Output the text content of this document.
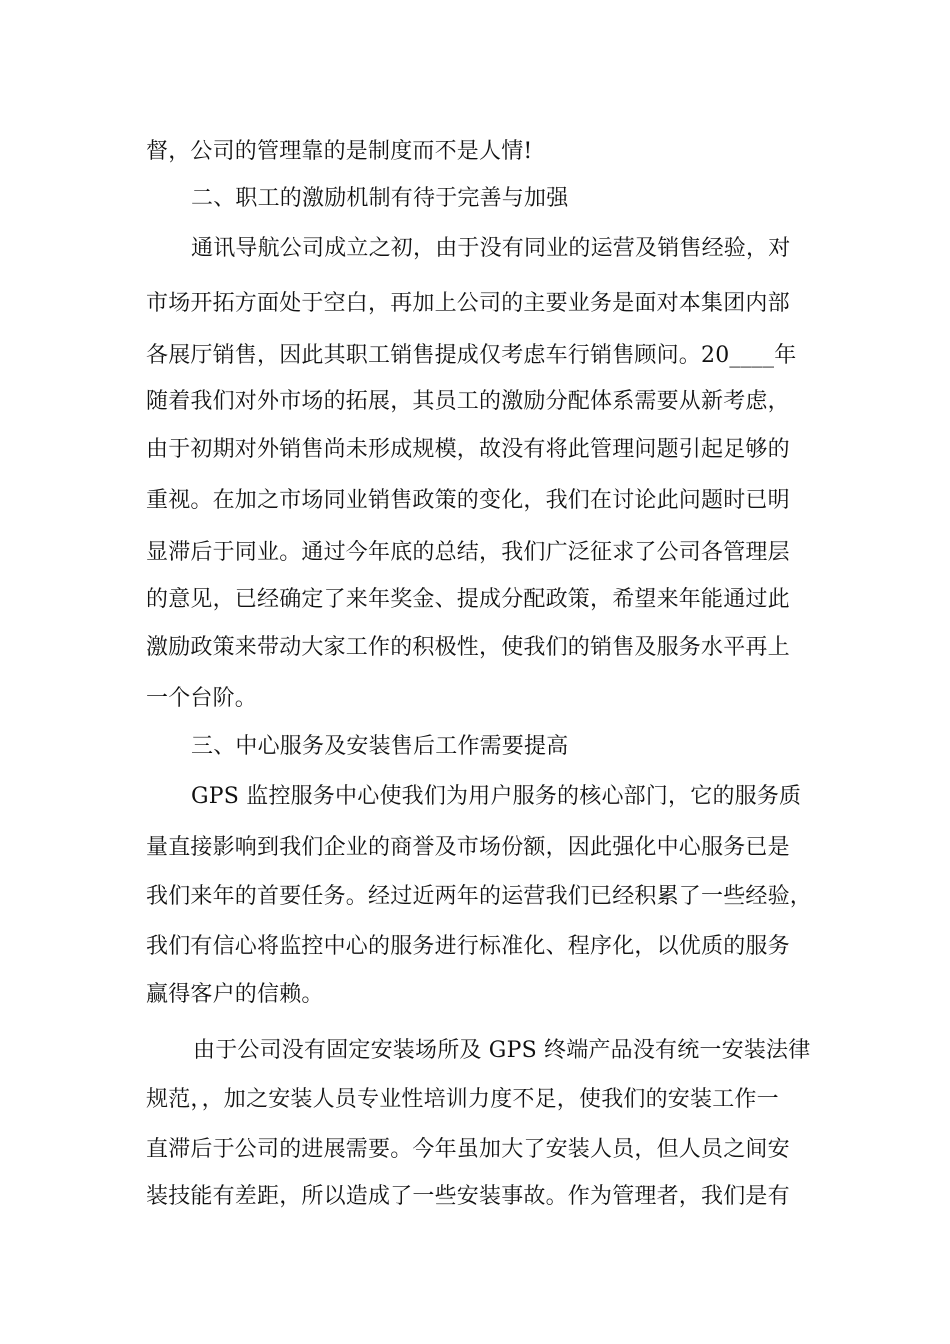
督，公司的管理靠的是制度而不是人情!
二、职工的激励机制有待于完善与加强
通讯导航公司成立之初，由于没有同业的运营及销售经验，对
市场开拓方面处于空白，再加上公司的主要业务是面对本集团内部
各展厅销售，因此其职工销售提成仅考虑车行销售顾问。20____年
随着我们对外市场的拓展，其员工的激励分配体系需要从新考虑，
由于初期对外销售尚未形成规模，故没有将此管理问题引起足够的
重视。在加之市场同业销售政策的变化，我们在讨论此问题时已明
显滞后于同业。通过今年底的总结，我们广泛征求了公司各管理层
的意见，已经确定了来年奖金、提成分配政策，希望来年能通过此
激励政策来带动大家工作的积极性，使我们的销售及服务水平再上
一个台阶。
三、中心服务及安装售后工作需要提高
GPS 监控服务中心使我们为用户服务的核心部门，它的服务质
量直接影响到我们企业的商誉及市场份额，因此强化中心服务已是
我们来年的首要任务。经过近两年的运营我们已经积累了一些经验，
我们有信心将监控中心的服务进行标准化、程序化，以优质的服务
赢得客户的信赖。
由于公司没有固定安装场所及 GPS 终端产品没有统一安装法律
规范，，加之安装人员专业性培训力度不足，使我们的安装工作一
直滞后于公司的进展需要。今年虽加大了安装人员，但人员之间安
装技能有差距，所以造成了一些安装事故。作为管理者，我们是有
